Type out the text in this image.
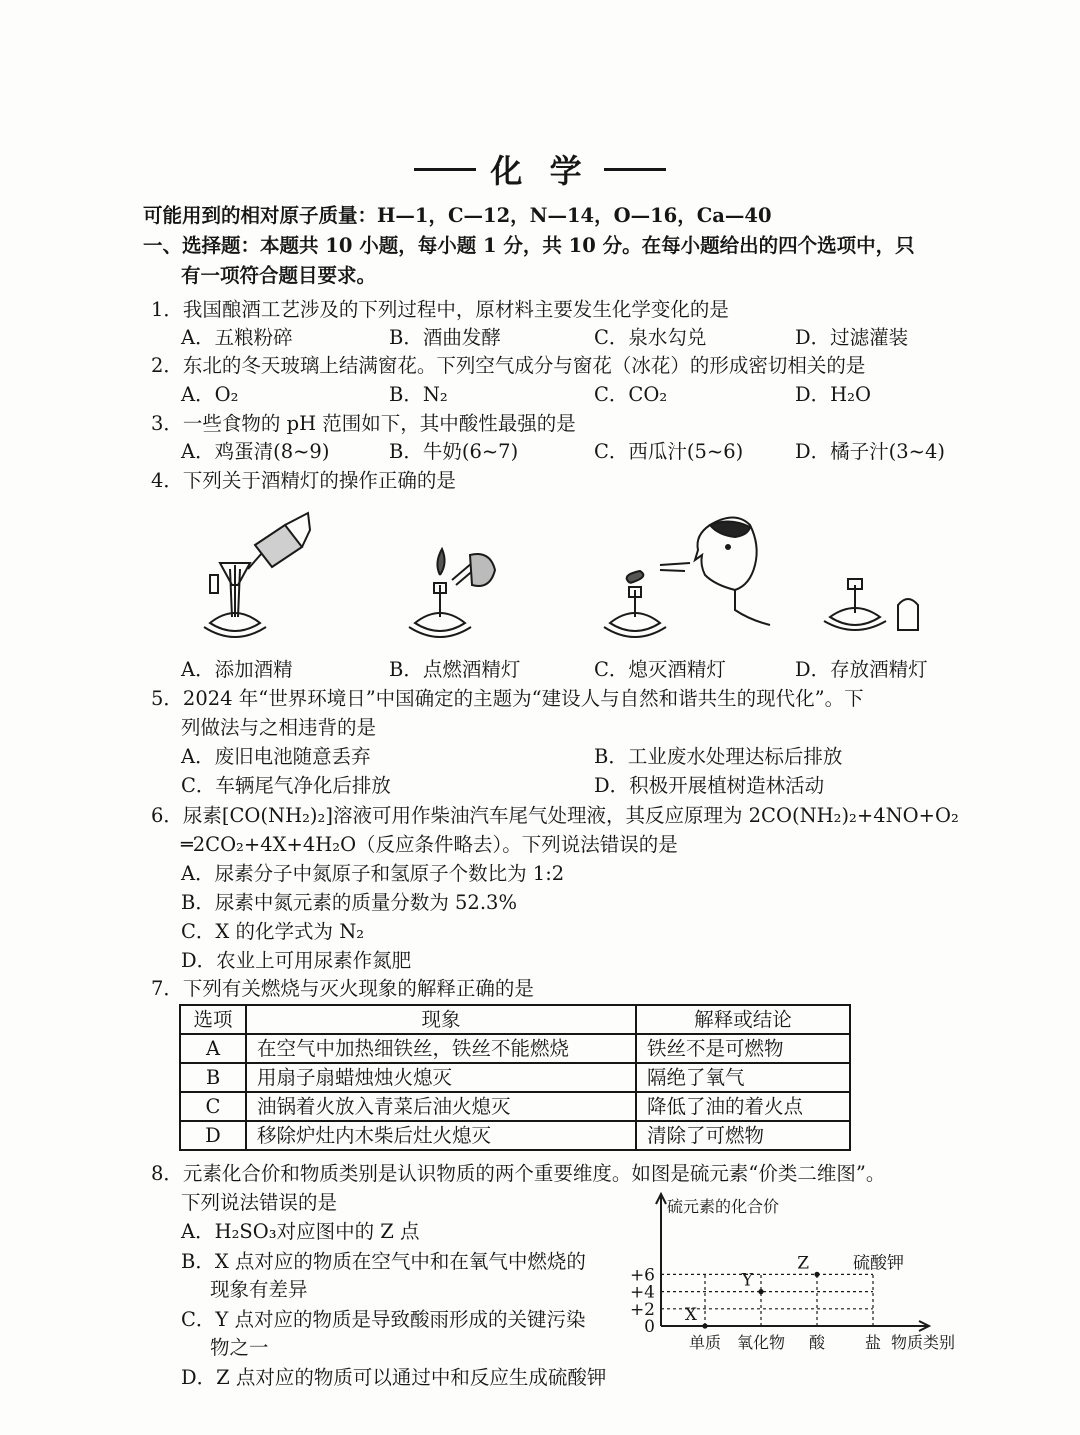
化 学
可能用到的相对原子质量：H—1，C—12，N—14，O—16，Ca—40
一、选择题：本题共 10 小题，每小题 1 分，共 10 分。在每小题给出的四个选项中，只
有一项符合题目要求。
1．我国酿酒工艺涉及的下列过程中，原材料主要发生化学变化的是
A．五粮粉碎	B．酒曲发酵	C．泉水勾兑	D．过滤灌装
2．东北的冬天玻璃上结满窗花。下列空气成分与窗花（冰花）的形成密切相关的是
A．O₂	B．N₂	C．CO₂	D．H₂O
3．一些食物的 pH 范围如下，其中酸性最强的是
A．鸡蛋清(8~9)	B．牛奶(6~7)	C．西瓜汁(5~6)	D．橘子汁(3~4)
4．下列关于酒精灯的操作正确的是
A．添加酒精	B．点燃酒精灯	C．熄灭酒精灯	D．存放酒精灯
5．2024 年“世界环境日”中国确定的主题为“建设人与自然和谐共生的现代化”。下
列做法与之相违背的是
A．废旧电池随意丢弃	B．工业废水处理达标后排放
C．车辆尾气净化后排放	D．积极开展植树造林活动
6．尿素[CO(NH₂)₂]溶液可用作柴油汽车尾气处理液，其反应原理为 2CO(NH₂)₂+4NO+O₂
═2CO₂+4X+4H₂O（反应条件略去）。下列说法错误的是
A．尿素分子中氮原子和氢原子个数比为 1:2
B．尿素中氮元素的质量分数为 52.3%
C．X 的化学式为 N₂
D．农业上可用尿素作氮肥
7．下列有关燃烧与灭火现象的解释正确的是
选项	现象	解释或结论
A	在空气中加热细铁丝，铁丝不能燃烧	铁丝不是可燃物
B	用扇子扇蜡烛烛火熄灭	隔绝了氧气
C	油锅着火放入青菜后油火熄灭	降低了油的着火点
D	移除炉灶内木柴后灶火熄灭	清除了可燃物
8．元素化合价和物质类别是认识物质的两个重要维度。如图是硫元素“价类二维图”。
下列说法错误的是
A．H₂SO₃对应图中的 Z 点
B．X 点对应的物质在空气中和在氧气中燃烧的
现象有差异
C．Y 点对应的物质是导致酸雨形成的关键污染
物之一
D．Z 点对应的物质可以通过中和反应生成硫酸钾
硫元素的化合价
0
+2
+4
+6
单质 氧化物 酸 盐 物质类别
X
Y
Z	硫酸钾
